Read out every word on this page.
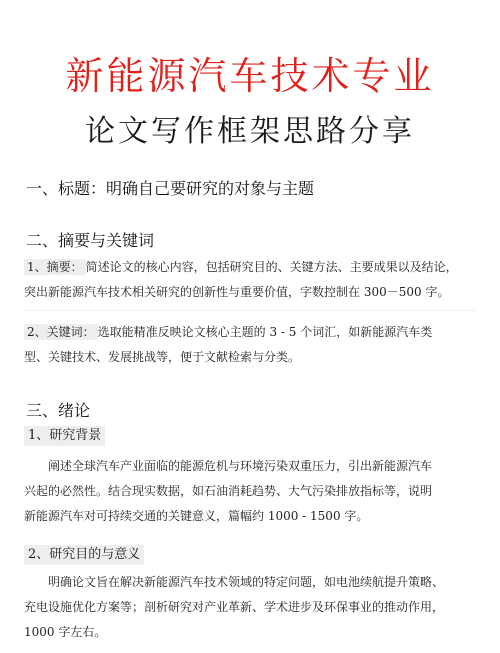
新能源汽车技术专业
论文写作框架思路分享
一、标题：明确自己要研究的对象与主题
二、摘要与关键词
1、摘要： 简述论文的核心内容，包括研究目的、关键方法、主要成果以及结论，
突出新能源汽车技术相关研究的创新性与重要价值，字数控制在 300－500 字。
2、关键词： 选取能精准反映论文核心主题的 3 - 5 个词汇，如新能源汽车类
型、关键技术、发展挑战等，便于文献检索与分类。
三、绪论
1、研究背景
阐述全球汽车产业面临的能源危机与环境污染双重压力，引出新能源汽车
兴起的必然性。结合现实数据，如石油消耗趋势、大气污染排放指标等，说明
新能源汽车对可持续交通的关键意义，篇幅约 1000 - 1500 字。
2、研究目的与意义
明确论文旨在解决新能源汽车技术领域的特定问题，如电池续航提升策略、
充电设施优化方案等；剖析研究对产业革新、学术进步及环保事业的推动作用，
1000 字左右。
